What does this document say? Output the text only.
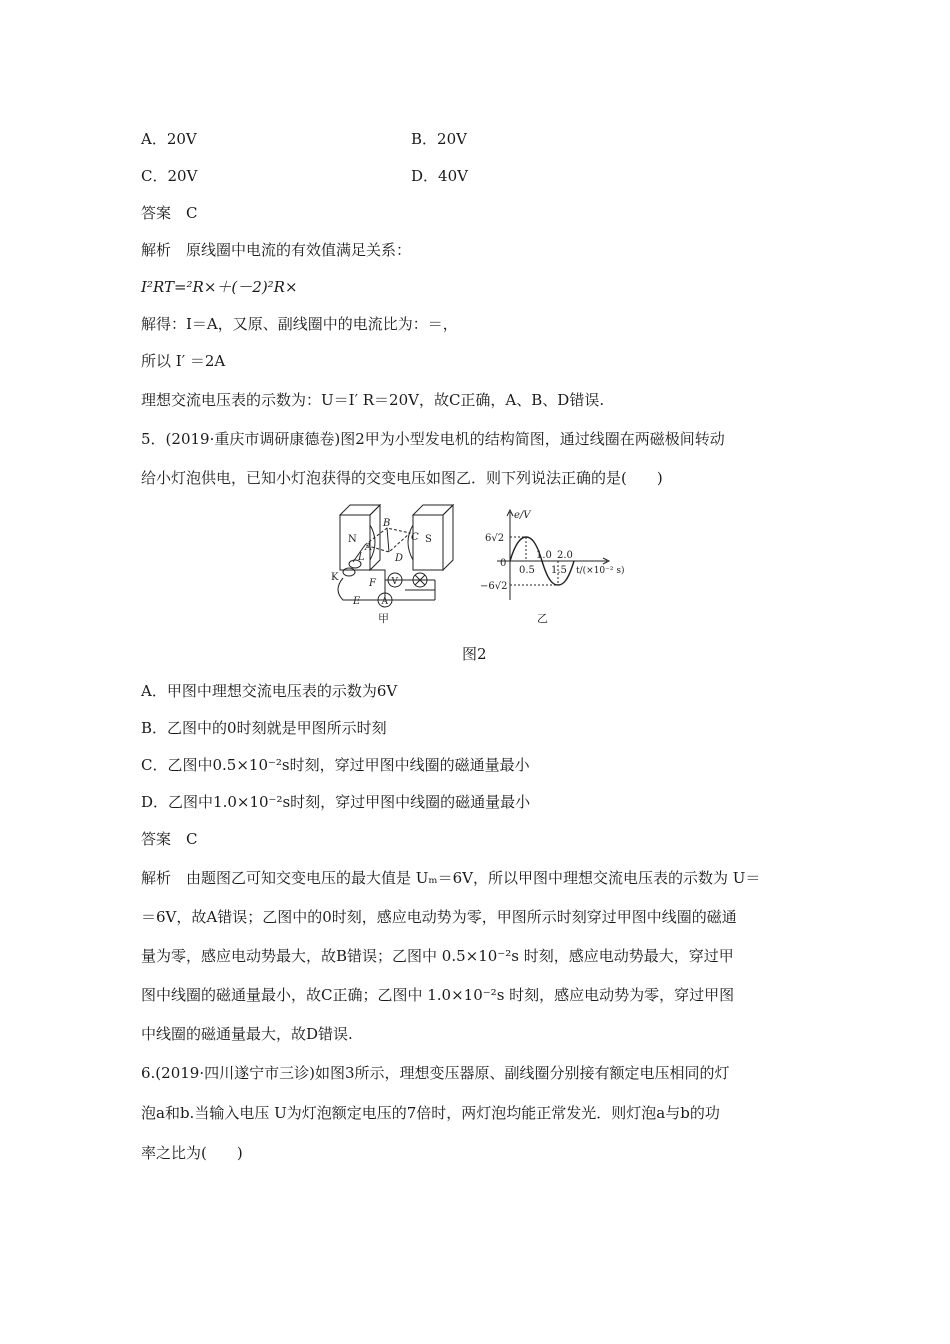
A．20V	B．20V
C．20V	D．40V
答案　C
解析　原线圈中电流的有效值满足关系：
I²RT=²R×＋(－2)²R×
解得：I＝A，又原、副线圈中的电流比为：＝，
所以 I′ ＝2A
理想交流电压表的示数为：U＝I′ R＝20V，故C正确，A、B、D错误.
5．(2019·重庆市调研康德卷)图2甲为小型发电机的结构简图，通过线圈在两磁极间转动
给小灯泡供电，已知小灯泡获得的交变电压如图乙．则下列说法正确的是(　　)
N	S
A
B
C
D
L
K
F
E
V
A
甲
e/V
6√2
0
−6√2
0.5
1.0
1.5
2.0
t/(×10⁻² s)
乙
图2
A．甲图中理想交流电压表的示数为6V
B．乙图中的0时刻就是甲图所示时刻
C．乙图中0.5×10⁻²s时刻，穿过甲图中线圈的磁通量最小
D．乙图中1.0×10⁻²s时刻，穿过甲图中线圈的磁通量最小
答案　C
解析　由题图乙可知交变电压的最大值是 Uₘ＝6V，所以甲图中理想交流电压表的示数为 U＝
＝6V，故A错误；乙图中的0时刻，感应电动势为零，甲图所示时刻穿过甲图中线圈的磁通
量为零，感应电动势最大，故B错误；乙图中 0.5×10⁻²s 时刻，感应电动势最大，穿过甲
图中线圈的磁通量最小，故C正确；乙图中 1.0×10⁻²s 时刻，感应电动势为零，穿过甲图
中线圈的磁通量最大，故D错误.
6.(2019·四川遂宁市三诊)如图3所示，理想变压器原、副线圈分别接有额定电压相同的灯
泡a和b.当输入电压 U为灯泡额定电压的7倍时，两灯泡均能正常发光．则灯泡a与b的功
率之比为(　　)
